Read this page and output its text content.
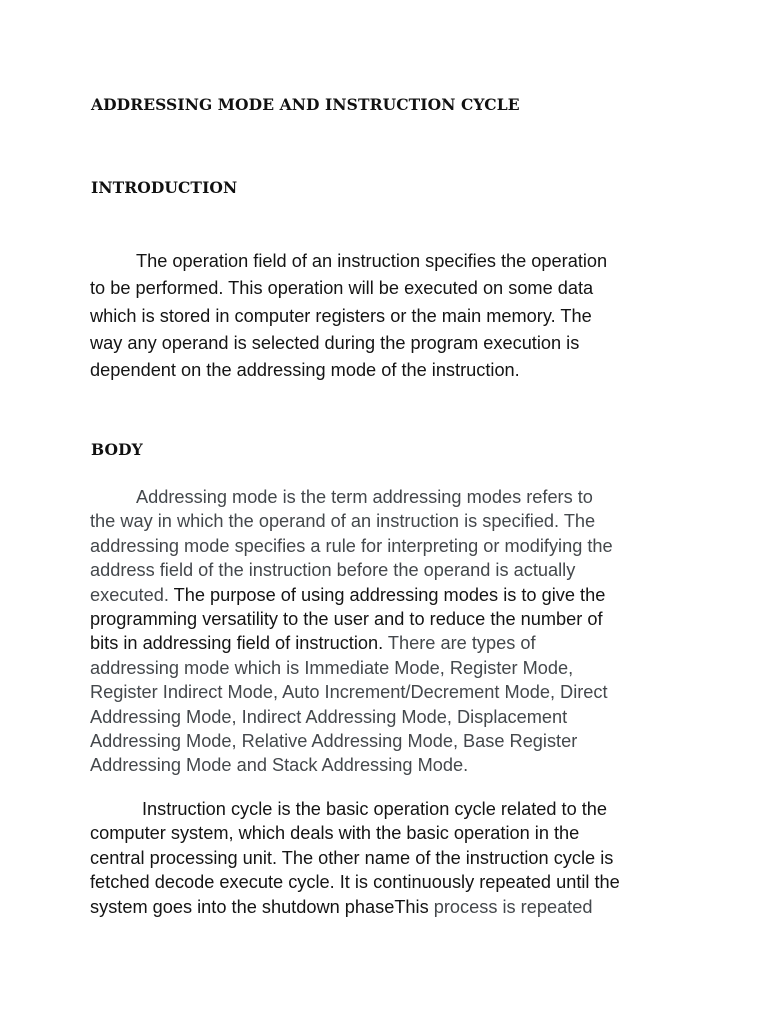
ADDRESSING MODE AND INSTRUCTION CYCLE
INTRODUCTION

The operation field of an instruction specifies the operation
to be performed. This operation will be executed on some data
which is stored in computer registers or the main memory. The
way any operand is selected during the program execution is
dependent on the addressing mode of the instruction.

BODY

Addressing mode is the term addressing modes refers to
the way in which the operand of an instruction is specified. The
addressing mode specifies a rule for interpreting or modifying the
address field of the instruction before the operand is actually
executed. The purpose of using addressing modes is to give the
programming versatility to the user and to reduce the number of
bits in addressing field of instruction. There are types of
addressing mode which is Immediate Mode, Register Mode,
Register Indirect Mode, Auto Increment/Decrement Mode, Direct
Addressing Mode, Indirect Addressing Mode, Displacement
Addressing Mode, Relative Addressing Mode, Base Register
Addressing Mode and Stack Addressing Mode.

Instruction cycle is the basic operation cycle related to the
computer system, which deals with the basic operation in the
central processing unit. The other name of the instruction cycle is
fetched decode execute cycle. It is continuously repeated until the
system goes into the shutdown phaseThis process is repeated
